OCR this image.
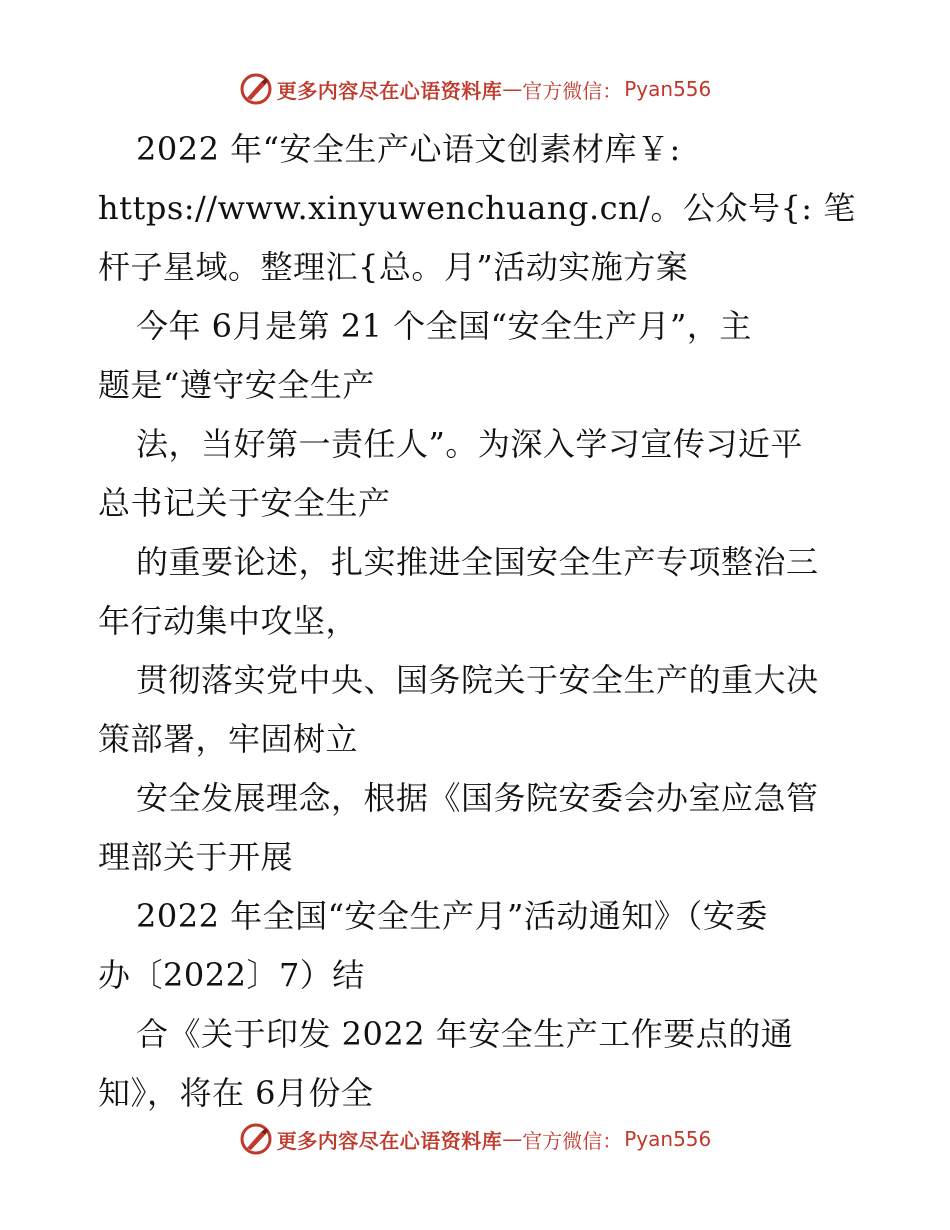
更多内容尽在心语资料库 — 官方微信： Pyan556

2022 年“安全生产心语文创素材库￥:

https://www.xinyuwenchuang.cn/。公众号{: 笔

杆子星域。整理汇{总。月”活动实施方案

今年 6月是第 21 个全国“安全生产月”，主

题是“遵守安全生产

法，当好第一责任人”。为深入学习宣传习近平

总书记关于安全生产

的重要论述，扎实推进全国安全生产专项整治三

年行动集中攻坚，

贯彻落实党中央、国务院关于安全生产的重大决

策部署，牢固树立

安全发展理念，根据《国务院安委会办室应急管

理部关于开展

2022 年全国“安全生产月”活动通知》（安委

办〔2022〕7）结

合《关于印发 2022 年安全生产工作要点的通

知》，将在 6月份全

更多内容尽在心语资料库 — 官方微信： Pyan556
